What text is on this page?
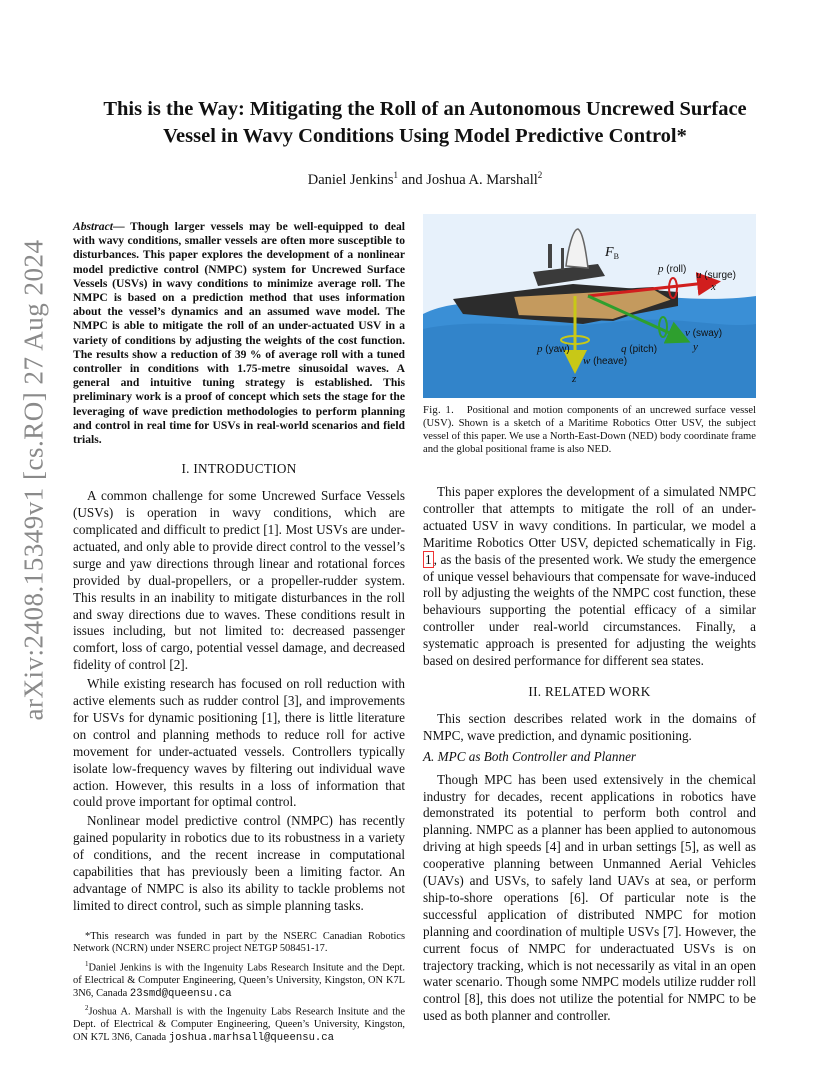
arXiv:2408.15349v1 [cs.RO] 27 Aug 2024
This is the Way: Mitigating the Roll of an Autonomous Uncrewed Surface Vessel in Wavy Conditions Using Model Predictive Control*
Daniel Jenkins$^1$ and Joshua A. Marshall$^2$
Abstract— Though larger vessels may be well-equipped to deal with wavy conditions, smaller vessels are often more susceptible to disturbances. This paper explores the development of a nonlinear model predictive control (NMPC) system for Uncrewed Surface Vessels (USVs) in wavy conditions to minimize average roll. The NMPC is based on a prediction method that uses information about the vessel’s dynamics and an assumed wave model. The NMPC is able to mitigate the roll of an under-actuated USV in a variety of conditions by adjusting the weights of the cost function. The results show a reduction of 39 % of average roll with a tuned controller in conditions with 1.75-metre sinusoidal waves. A general and intuitive tuning strategy is established. This preliminary work is a proof of concept which sets the stage for the leveraging of wave prediction methodologies to perform planning and control in real time for USVs in real-world scenarios and field trials.
I. INTRODUCTION

A common challenge for some Uncrewed Surface Vessels (USVs) is operation in wavy conditions, which are complicated and difficult to predict [1]. Most USVs are under-actuated, and only able to provide direct control to the vessel’s surge and yaw directions through linear and rotational forces provided by dual-propellers, or a propeller-rudder system. This results in an inability to mitigate disturbances in the roll and sway directions due to waves. These conditions result in issues including, but not limited to: decreased passenger comfort, loss of cargo, potential vessel damage, and decreased fidelity of control [2].

While existing research has focused on roll reduction with active elements such as rudder control [3], and improvements for USVs for dynamic positioning [1], there is little literature on control and planning methods to reduce roll for active movement for under-actuated vessels. Controllers typically isolate low-frequency waves by filtering out individual wave action. However, this results in a loss of information that could prove important for optimal control.

Nonlinear model predictive control (NMPC) has recently gained popularity in robotics due to its robustness in a variety of conditions, and the recent increase in computational capabilities that has previously been a limiting factor. An advantage of NMPC is also its ability to tackle problems not limited to direct control, such as simple planning tasks.

*This research was funded in part by the NSERC Canadian Robotics Network (NCRN) under NSERC project NETGP 508451-17.

$^1$Daniel Jenkins is with the Ingenuity Labs Research Insitute and the Dept. of Electrical & Computer Engineering, Queen’s University, Kingston, ON K7L 3N6, Canada 23smd@queensu.ca

$^2$Joshua A. Marshall is with the Ingenuity Labs Research Insitute and the Dept. of Electrical & Computer Engineering, Queen’s University, Kingston, ON K7L 3N6, Canada joshua.marhsall@queensu.ca

$F_B$
p (roll) u (surge)
x
v (sway)
y
p (yaw)	q (pitch)
w (heave)
z
Fig. 1. Positional and motion components of an uncrewed surface vessel (USV). Shown is a sketch of a Maritime Robotics Otter USV, the subject vessel of this paper. We use a North-East-Down (NED) body coordinate frame and the global positional frame is also NED.

This paper explores the development of a simulated NMPC controller that attempts to mitigate the roll of an under-actuated USV in wavy conditions. In particular, we model a Maritime Robotics Otter USV, depicted schematically in Fig. 1 , as the basis of the presented work. We study the emergence of unique vessel behaviours that compensate for wave-induced roll by adjusting the weights of the NMPC cost function, these behaviours supporting the potential efficacy of a similar controller under real-world circumstances. Finally, a systematic approach is presented for adjusting the weights based on desired performance for different sea states.

II. RELATED WORK

This section describes related work in the domains of NMPC, wave prediction, and dynamic positioning.

A. MPC as Both Controller and Planner

Though MPC has been used extensively in the chemical industry for decades, recent applications in robotics have demonstrated its potential to perform both control and planning. NMPC as a planner has been applied to autonomous driving at high speeds [4] and in urban settings [5], as well as cooperative planning between Unmanned Aerial Vehicles (UAVs) and USVs, to safely land UAVs at sea, or perform ship-to-shore operations [6]. Of particular note is the successful application of distributed NMPC for motion planning and coordination of multiple USVs [7]. However, the current focus of NMPC for underactuated USVs is on trajectory tracking, which is not necessarily as vital in an open water scenario. Though some NMPC models utilize rudder roll control [8], this does not utilize the potential for NMPC to be used as both planner and controller.
